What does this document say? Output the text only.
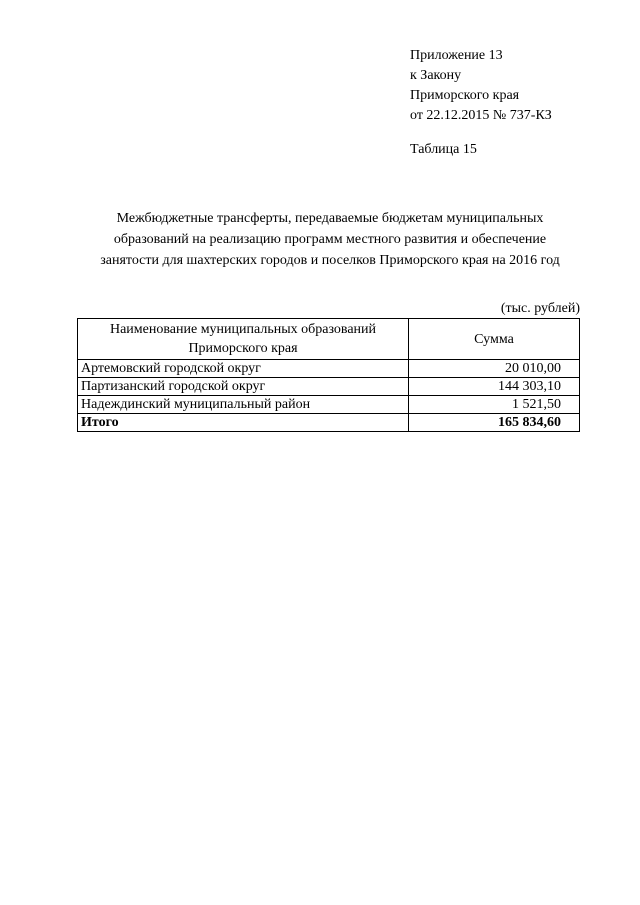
Приложение 13
к Закону
Приморского края
от 22.12.2015 № 737-КЗ
Таблица 15
Межбюджетные трансферты, передаваемые бюджетам муниципальных
образований на реализацию программ местного развития и обеспечение
занятости для шахтерских городов и поселков Приморского края на 2016 год
(тыс. рублей)
Наименование муниципальных образований
Приморского края	Сумма
Артемовский городской округ	20 010,00
Партизанский городской округ	144 303,10
Надеждинский муниципальный район	1 521,50
Итого	165 834,60
